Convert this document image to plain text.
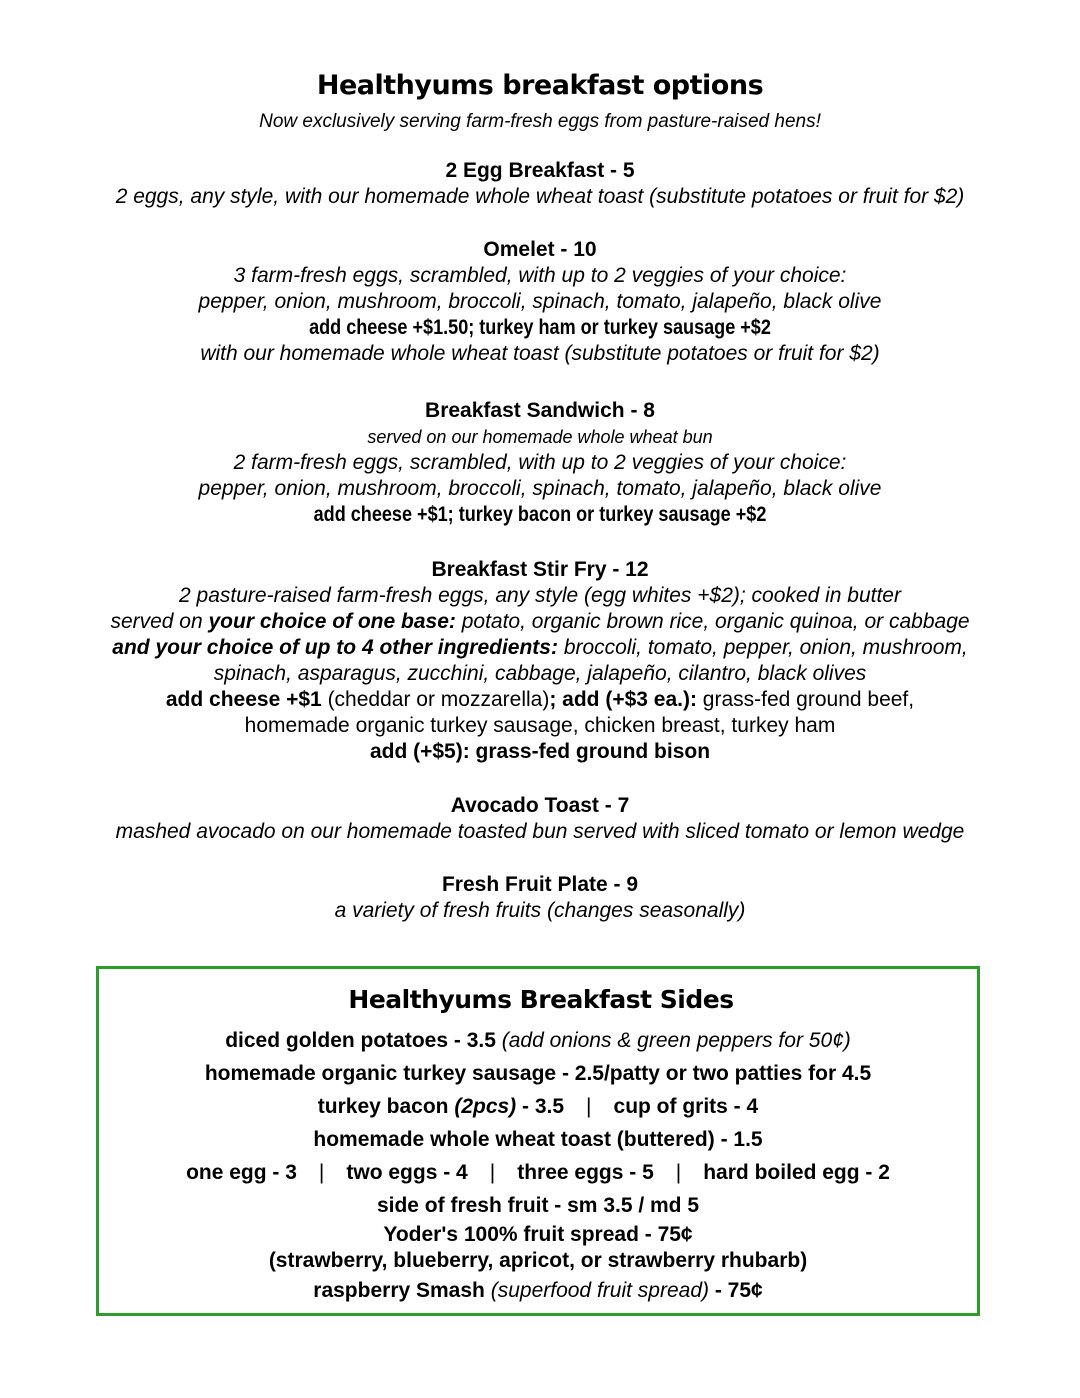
Healthyums breakfast options
Now exclusively serving farm-fresh eggs from pasture-raised hens!
2 Egg Breakfast - 5
2 eggs, any style, with our homemade whole wheat toast (substitute potatoes or fruit for $2)
Omelet - 10
3 farm-fresh eggs, scrambled, with up to 2 veggies of your choice:
pepper, onion, mushroom, broccoli, spinach, tomato, jalapeño, black olive
add cheese +$1.50; turkey ham or turkey sausage +$2
with our homemade whole wheat toast (substitute potatoes or fruit for $2)
Breakfast Sandwich - 8
served on our homemade whole wheat bun
2 farm-fresh eggs, scrambled, with up to 2 veggies of your choice:
pepper, onion, mushroom, broccoli, spinach, tomato, jalapeño, black olive
add cheese +$1; turkey bacon or turkey sausage +$2
Breakfast Stir Fry - 12
2 pasture-raised farm-fresh eggs, any style (egg whites +$2); cooked in butter
served on your choice of one base: potato, organic brown rice, organic quinoa, or cabbage
and your choice of up to 4 other ingredients: broccoli, tomato, pepper, onion, mushroom,
spinach, asparagus, zucchini, cabbage, jalapeño, cilantro, black olives
add cheese +$1 (cheddar or mozzarella); add (+$3 ea.): grass-fed ground beef,
homemade organic turkey sausage, chicken breast, turkey ham
add (+$5): grass-fed ground bison
Avocado Toast - 7
mashed avocado on our homemade toasted bun served with sliced tomato or lemon wedge
Fresh Fruit Plate - 9
a variety of fresh fruits (changes seasonally)
Healthyums Breakfast Sides
diced golden potatoes - 3.5 (add onions & green peppers for 50¢)
homemade organic turkey sausage - 2.5/patty or two patties for 4.5
turkey bacon (2pcs) - 3.5 | cup of grits - 4
homemade whole wheat toast (buttered) - 1.5
one egg - 3 | two eggs - 4 | three eggs - 5 | hard boiled egg - 2
side of fresh fruit - sm 3.5 / md 5
Yoder's 100% fruit spread - 75¢
(strawberry, blueberry, apricot, or strawberry rhubarb)
raspberry Smash (superfood fruit spread) - 75¢
